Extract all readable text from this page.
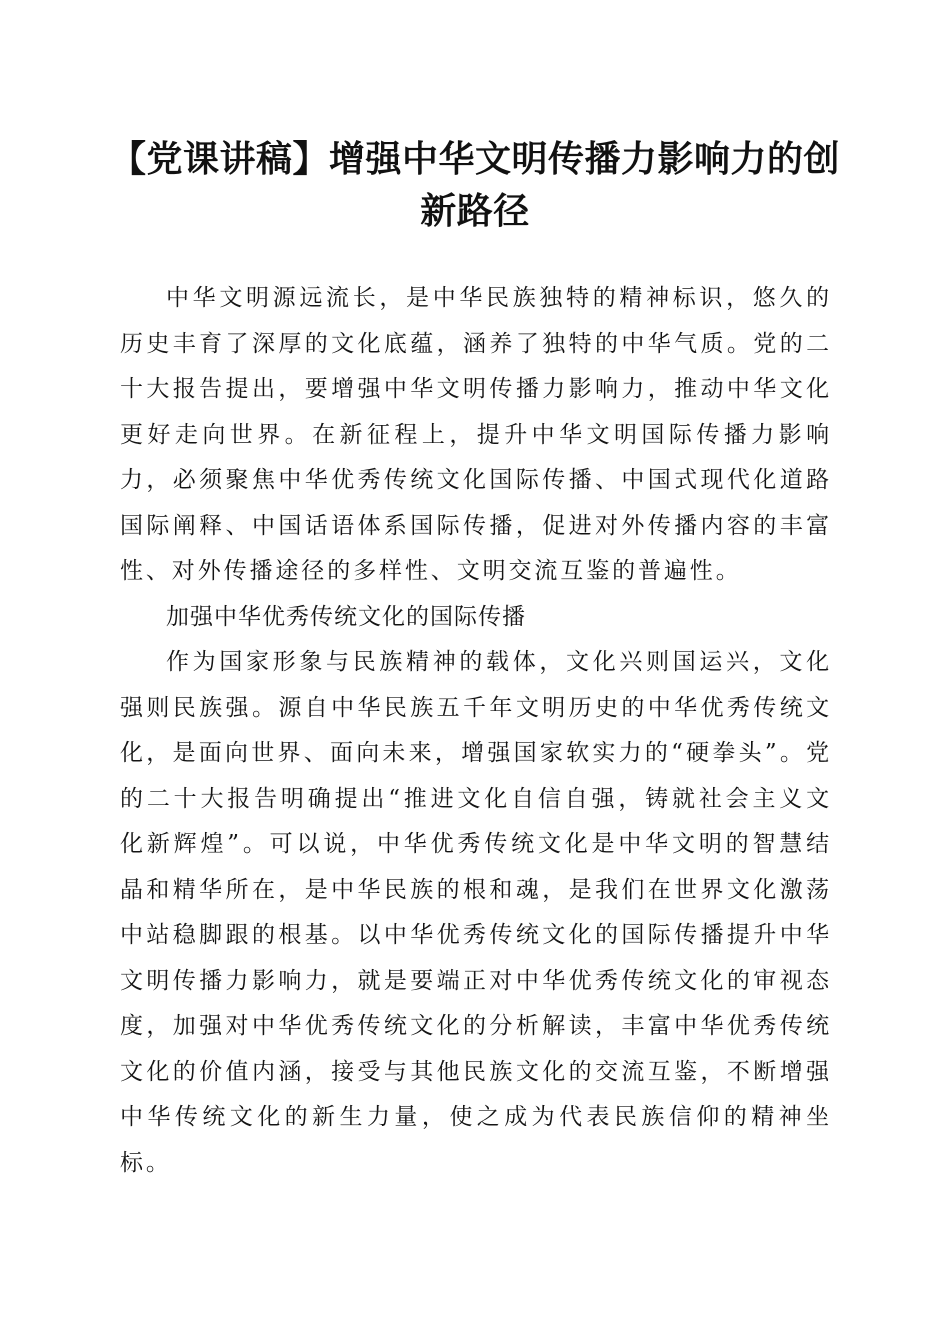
【党课讲稿】增强中华文明传播力影响力的创新路径

中华文明源远流长，是中华民族独特的精神标识，悠久的历史丰育了深厚的文化底蕴，涵养了独特的中华气质。党的二十大报告提出，要增强中华文明传播力影响力，推动中华文化更好走向世界。在新征程上，提升中华文明国际传播力影响力，必须聚焦中华优秀传统文化国际传播、中国式现代化道路国际阐释、中国话语体系国际传播，促进对外传播内容的丰富性、对外传播途径的多样性、文明交流互鉴的普遍性。

加强中华优秀传统文化的国际传播

作为国家形象与民族精神的载体，文化兴则国运兴，文化强则民族强。源自中华民族五千年文明历史的中华优秀传统文化，是面向世界、面向未来，增强国家软实力的“硬拳头”。党的二十大报告明确提出“推进文化自信自强，铸就社会主义文化新辉煌”。可以说，中华优秀传统文化是中华文明的智慧结晶和精华所在，是中华民族的根和魂，是我们在世界文化激荡中站稳脚跟的根基。以中华优秀传统文化的国际传播提升中华文明传播力影响力，就是要端正对中华优秀传统文化的审视态度，加强对中华优秀传统文化的分析解读，丰富中华优秀传统文化的价值内涵，接受与其他民族文化的交流互鉴，不断增强中华传统文化的新生力量，使之成为代表民族信仰的精神坐标。
